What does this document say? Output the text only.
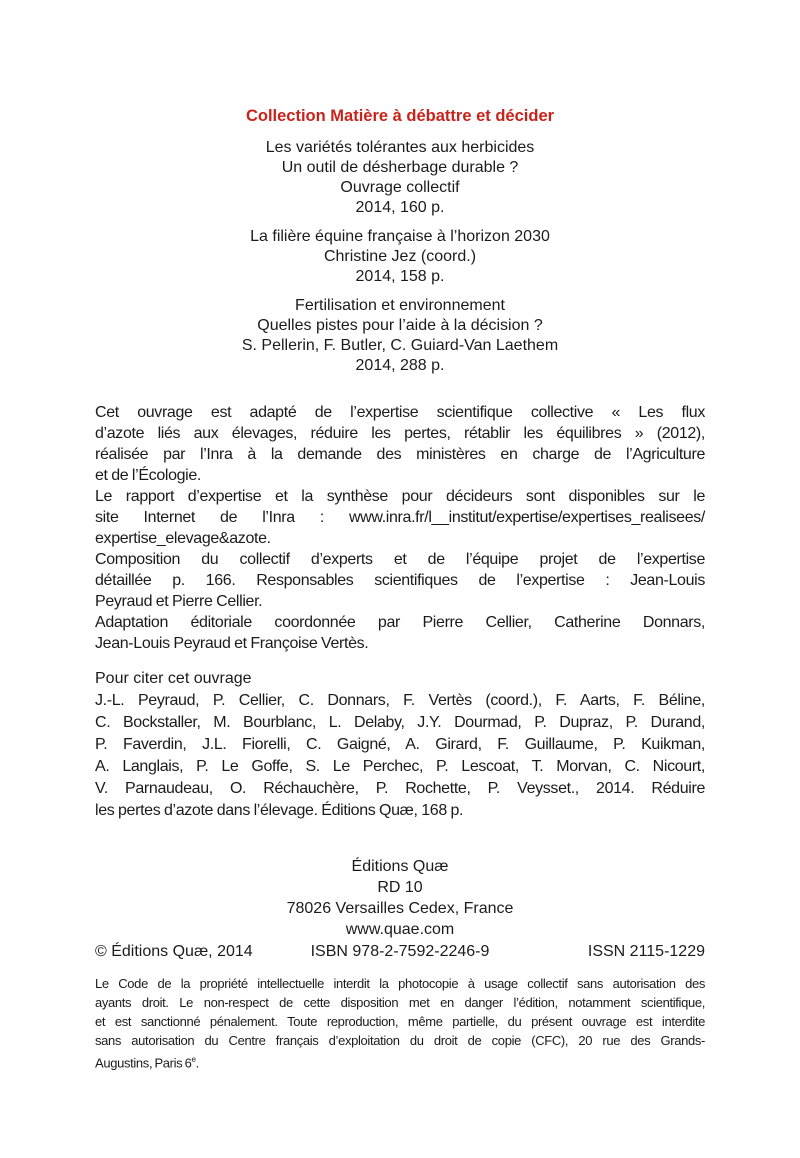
Collection Matière à débattre et décider
Les variétés tolérantes aux herbicides
Un outil de désherbage durable ?
Ouvrage collectif
2014, 160 p.
La filière équine française à l’horizon 2030
Christine Jez (coord.)
2014, 158 p.
Fertilisation et environnement
Quelles pistes pour l’aide à la décision ?
S. Pellerin, F. Butler, C. Guiard-Van Laethem
2014, 288 p.
Cet ouvrage est adapté de l’expertise scientifique collective « Les flux
d’azote liés aux élevages, réduire les pertes, rétablir les équilibres » (2012),
réalisée par l’Inra à la demande des ministères en charge de l’Agriculture
et de l’Écologie.
Le rapport d’expertise et la synthèse pour décideurs sont disponibles sur le
site Internet de l’Inra : www.inra.fr/l__institut/expertise/expertises_realisees/
expertise_elevage&azote.
Composition du collectif d’experts et de l’équipe projet de l’expertise
détaillée p. 166. Responsables scientifiques de l’expertise : Jean-Louis
Peyraud et Pierre Cellier.
Adaptation éditoriale coordonnée par Pierre Cellier, Catherine Donnars,
Jean-Louis Peyraud et Françoise Vertès.
Pour citer cet ouvrage
J.-L. Peyraud, P. Cellier, C. Donnars, F. Vertès (coord.), F. Aarts, F. Béline,
C. Bockstaller, M. Bourblanc, L. Delaby, J.Y. Dourmad, P. Dupraz, P. Durand,
P. Faverdin, J.L. Fiorelli, C. Gaigné, A. Girard, F. Guillaume, P. Kuikman,
A. Langlais, P. Le Goffe, S. Le Perchec, P. Lescoat, T. Morvan, C. Nicourt,
V. Parnaudeau, O. Réchauchère, P. Rochette, P. Veysset., 2014. Réduire
les pertes d’azote dans l’élevage. Éditions Quæ, 168 p.
Éditions Quæ
RD 10
78026 Versailles Cedex, France
www.quae.com
© Éditions Quæ, 2014	ISBN 978-2-7592-2246-9	ISSN 2115-1229
Le Code de la propriété intellectuelle interdit la photocopie à usage collectif sans autorisation des
ayants droit. Le non-respect de cette disposition met en danger l’édition, notamment scientifique,
et est sanctionné pénalement. Toute reproduction, même partielle, du présent ouvrage est interdite
sans autorisation du Centre français d’exploitation du droit de copie (CFC), 20 rue des Grands-
Augustins, Paris 6e.
